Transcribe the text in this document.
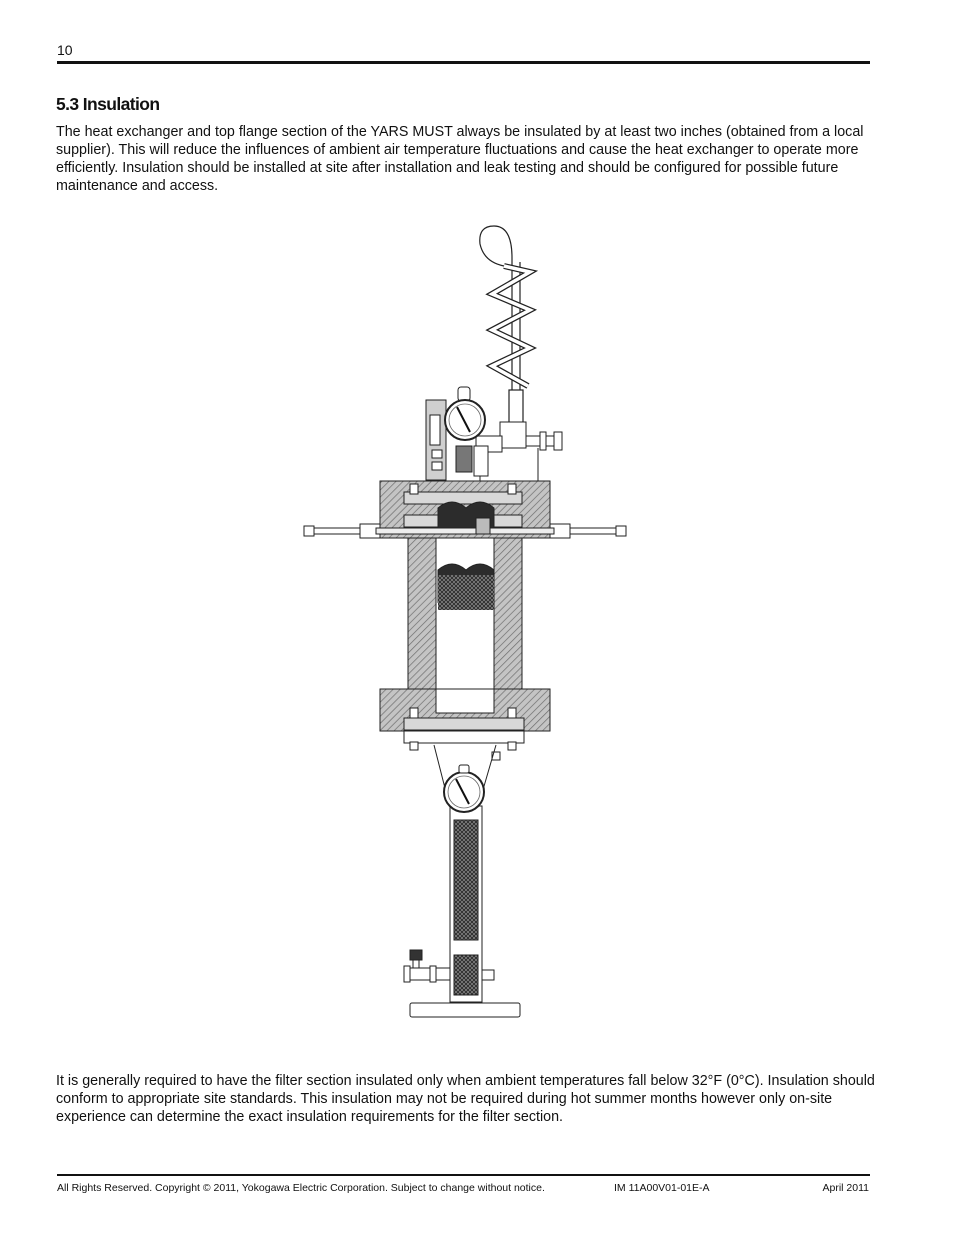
10
5.3 Insulation

The heat exchanger and top flange section of the YARS MUST always be insulated by at least two inches (obtained from a local supplier). This will reduce the influences of ambient air temperature fluctuations and cause the heat exchanger to operate more efficiently. Insulation should be installed at site after installation and leak testing and should be configured for possible future maintenance and access.

It is generally required to have the filter section insulated only when ambient temperatures fall below 32°F (0°C). Insulation should conform to appropriate site standards. This insulation may not be required during hot summer months however only on-site experience can determine the exact insulation requirements for the filter section.

All Rights Reserved. Copyright © 2011, Yokogawa Electric Corporation. Subject to change without notice.	IM 11A00V01-01E-A	April 2011
